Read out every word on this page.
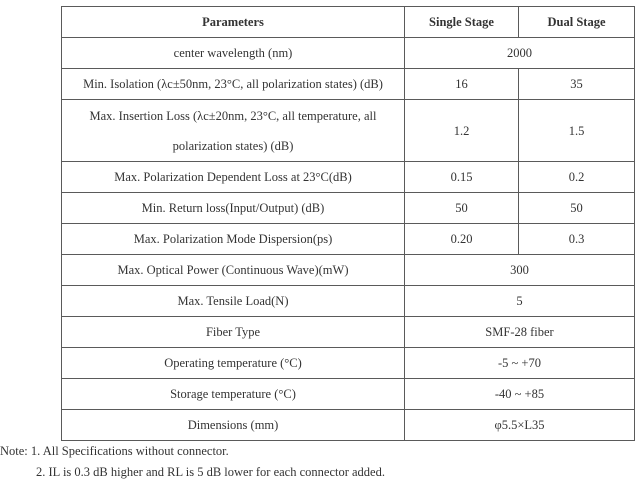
Parameters	Single Stage	Dual Stage
center wavelength (nm)	2000	
Min. Isolation (λc±50nm, 23°C, all polarization states) (dB)	16	35
Max. Insertion Loss (λc±20nm, 23°C, all temperature, all polarization states) (dB)	1.2	1.5
Max. Polarization Dependent Loss at 23°C(dB)	0.15	0.2
Min. Return loss(Input/Output) (dB)	50	50
Max. Polarization Mode Dispersion(ps)	0.20	0.3
Max. Optical Power (Continuous Wave)(mW)	300	
Max. Tensile Load(N)	5	
Fiber Type	SMF-28 fiber	
Operating temperature (°C)	-5 ~ +70	
Storage temperature (°C)	-40 ~ +85	
Dimensions (mm)	φ5.5×L35	
Note: 1. All Specifications without connector.
2. IL is 0.3 dB higher and RL is 5 dB lower for each connector added.
